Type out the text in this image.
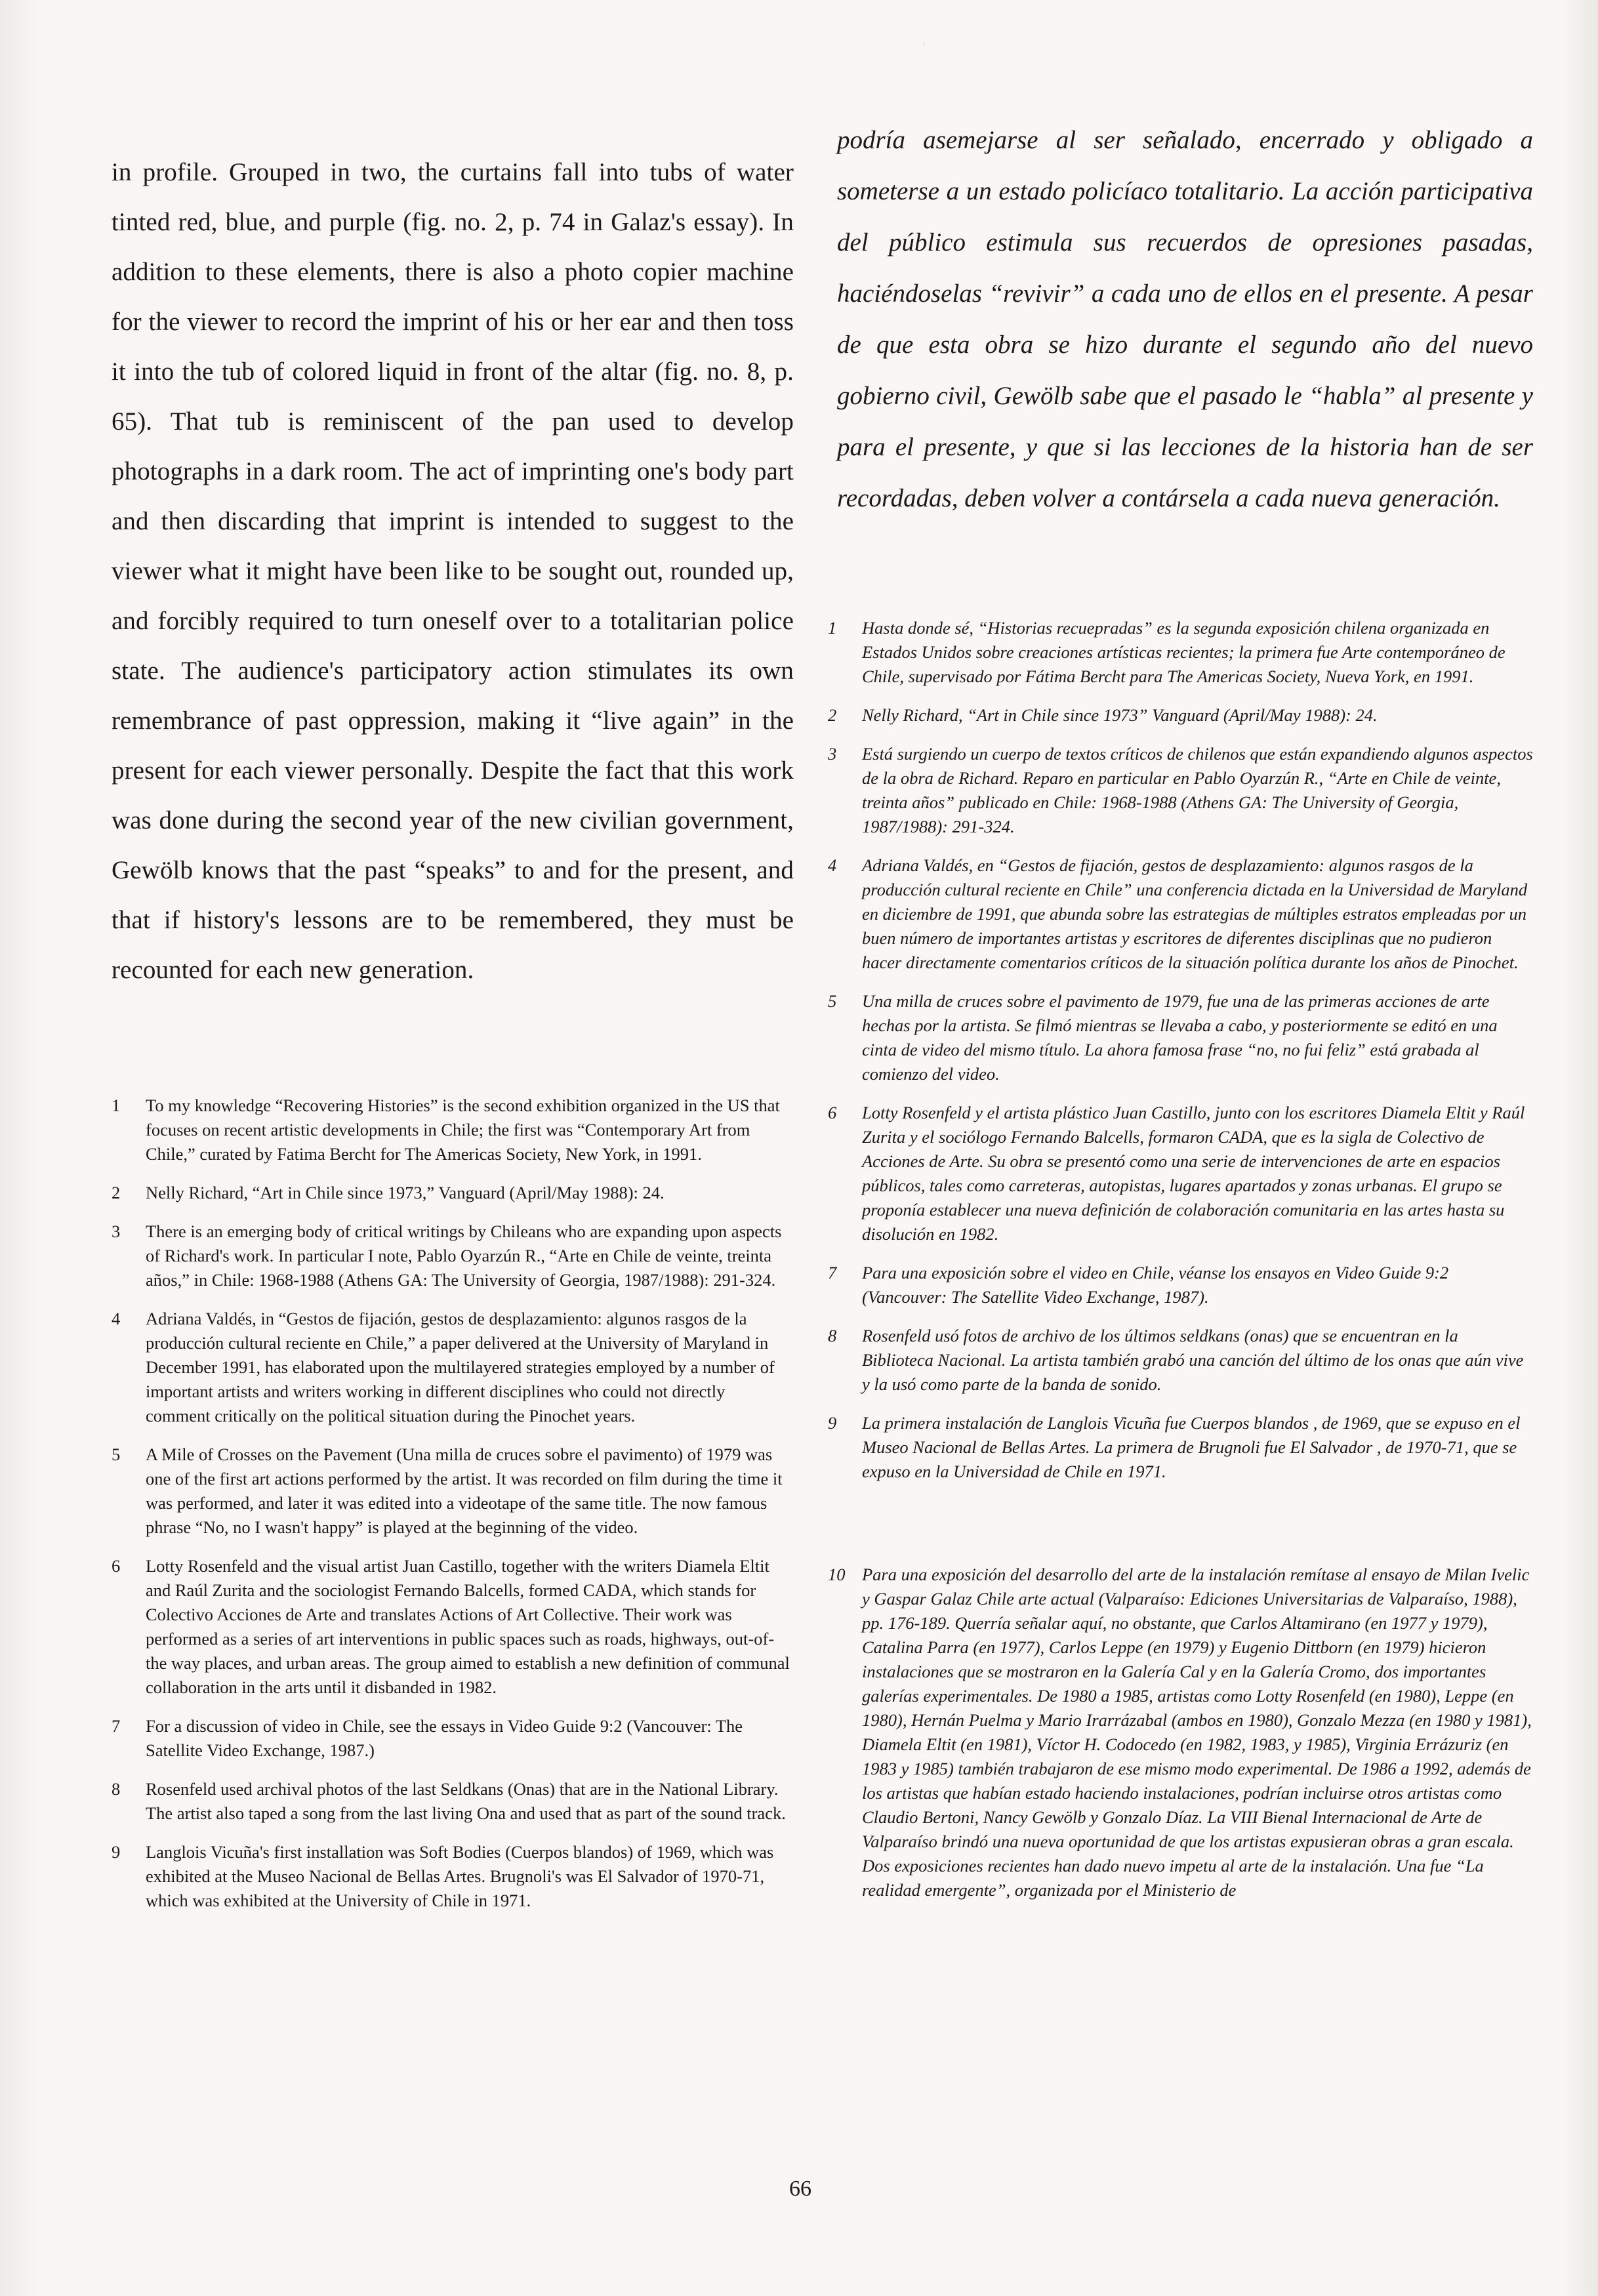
·

in profile. Grouped in two, the curtains fall into tubs of water tinted red, blue, and purple (fig. no. 2, p. 74 in Galaz's essay). In addition to these elements, there is also a photo copier machine for the viewer to record the imprint of his or her ear and then toss it into the tub of colored liquid in front of the altar (fig. no. 8, p. 65). That tub is reminiscent of the pan used to develop photographs in a dark room. The act of imprinting one's body part and then discarding that imprint is intended to suggest to the viewer what it might have been like to be sought out, rounded up, and forcibly required to turn oneself over to a totalitarian police state. The audience's participatory action stimulates its own remembrance of past oppression, making it “live again” in the present for each viewer personally. Despite the fact that this work was done during the second year of the new civilian government, Gewölb knows that the past “speaks” to and for the present, and that if history's lessons are to be remembered, they must be recounted for each new generation.

1	To my knowledge “Recovering Histories” is the second exhibition organized in the US that focuses on recent artistic developments in Chile; the first was “Contemporary Art from Chile,” curated by Fatima Bercht for The Americas Society, New York, in 1991.
2	Nelly Richard, “Art in Chile since 1973,” Vanguard (April/May 1988): 24.
3	There is an emerging body of critical writings by Chileans who are expanding upon aspects of Richard's work. In particular I note, Pablo Oyarzún R., “Arte en Chile de veinte, treinta años,” in Chile: 1968-1988 (Athens GA: The University of Georgia, 1987/1988): 291-324.
4	Adriana Valdés, in “Gestos de fijación, gestos de desplazamiento: algunos rasgos de la producción cultural reciente en Chile,” a paper delivered at the University of Maryland in December 1991, has elaborated upon the multilayered strategies employed by a number of important artists and writers working in different disciplines who could not directly comment critically on the political situation during the Pinochet years.
5	A Mile of Crosses on the Pavement (Una milla de cruces sobre el pavimento) of 1979 was one of the first art actions performed by the artist. It was recorded on film during the time it was performed, and later it was edited into a videotape of the same title. The now famous phrase “No, no I wasn't happy” is played at the beginning of the video.
6	Lotty Rosenfeld and the visual artist Juan Castillo, together with the writers Diamela Eltit and Raúl Zurita and the sociologist Fernando Balcells, formed CADA, which stands for Colectivo Acciones de Arte and translates Actions of Art Collective. Their work was performed as a series of art interventions in public spaces such as roads, highways, out-of-the way places, and urban areas. The group aimed to establish a new definition of communal collaboration in the arts until it disbanded in 1982.
7	For a discussion of video in Chile, see the essays in Video Guide 9:2 (Vancouver: The Satellite Video Exchange, 1987.)
8	Rosenfeld used archival photos of the last Seldkans (Onas) that are in the National Library. The artist also taped a song from the last living Ona and used that as part of the sound track.
9	Langlois Vicuña's first installation was Soft Bodies (Cuerpos blandos) of 1969, which was exhibited at the Museo Nacional de Bellas Artes. Brugnoli's was El Salvador of 1970-71, which was exhibited at the University of Chile in 1971.

podría asemejarse al ser señalado, encerrado y obligado a someterse a un estado policíaco totalitario. La acción participativa del público estimula sus recuerdos de opresiones pasadas, haciéndoselas “revivir” a cada uno de ellos en el presente. A pesar de que esta obra se hizo durante el segundo año del nuevo gobierno civil, Gewölb sabe que el pasado le “habla” al presente y para el presente, y que si las lecciones de la historia han de ser recordadas, deben volver a contársela a cada nueva generación.

1	Hasta donde sé, “Historias recuepradas” es la segunda exposición chilena organizada en Estados Unidos sobre creaciones artísticas recientes; la primera fue Arte contemporáneo de Chile, supervisado por Fátima Bercht para The Americas Society, Nueva York, en 1991.
2	Nelly Richard, “Art in Chile since 1973” Vanguard (April/May 1988): 24.
3	Está surgiendo un cuerpo de textos críticos de chilenos que están expandiendo algunos aspectos de la obra de Richard. Reparo en particular en Pablo Oyarzún R., “Arte en Chile de veinte, treinta años” publicado en Chile: 1968-1988 (Athens GA: The University of Georgia, 1987/1988): 291-324.
4	Adriana Valdés, en “Gestos de fijación, gestos de desplazamiento: algunos rasgos de la producción cultural reciente en Chile” una conferencia dictada en la Universidad de Maryland en diciembre de 1991, que abunda sobre las estrategias de múltiples estratos empleadas por un buen número de importantes artistas y escritores de diferentes disciplinas que no pudieron hacer directamente comentarios críticos de la situación política durante los años de Pinochet.
5	Una milla de cruces sobre el pavimento de 1979, fue una de las primeras acciones de arte hechas por la artista. Se filmó mientras se llevaba a cabo, y posteriormente se editó en una cinta de video del mismo título. La ahora famosa frase “no, no fui feliz” está grabada al comienzo del video.
6	Lotty Rosenfeld y el artista plástico Juan Castillo, junto con los escritores Diamela Eltit y Raúl Zurita y el sociólogo Fernando Balcells, formaron CADA, que es la sigla de Colectivo de Acciones de Arte. Su obra se presentó como una serie de intervenciones de arte en espacios públicos, tales como carreteras, autopistas, lugares apartados y zonas urbanas. El grupo se proponía establecer una nueva definición de colaboración comunitaria en las artes hasta su disolución en 1982.
7	Para una exposición sobre el video en Chile, véanse los ensayos en Video Guide 9:2 (Vancouver: The Satellite Video Exchange, 1987).
8	Rosenfeld usó fotos de archivo de los últimos seldkans (onas) que se encuentran en la Biblioteca Nacional. La artista también grabó una canción del último de los onas que aún vive y la usó como parte de la banda de sonido.
9	La primera instalación de Langlois Vicuña fue Cuerpos blandos , de 1969, que se expuso en el Museo Nacional de Bellas Artes. La primera de Brugnoli fue El Salvador , de 1970-71, que se expuso en la Universidad de Chile en 1971.
10 Para una exposición del desarrollo del arte de la instalación remítase al ensayo de Milan Ivelic y Gaspar Galaz Chile arte actual (Valparaíso: Ediciones Universitarias de Valparaíso, 1988), pp. 176-189. Querría señalar aquí, no obstante, que Carlos Altamirano (en 1977 y 1979), Catalina Parra (en 1977), Carlos Leppe (en 1979) y Eugenio Dittborn (en 1979) hicieron instalaciones que se mostraron en la Galería Cal y en la Galería Cromo, dos importantes galerías experimentales. De 1980 a 1985, artistas como Lotty Rosenfeld (en 1980), Leppe (en 1980), Hernán Puelma y Mario Irarrázabal (ambos en 1980), Gonzalo Mezza (en 1980 y 1981), Diamela Eltit (en 1981), Víctor H. Codocedo (en 1982, 1983, y 1985), Virginia Errázuriz (en 1983 y 1985) también trabajaron de ese mismo modo experimental. De 1986 a 1992, además de los artistas que habían estado haciendo instalaciones, podrían incluirse otros artistas como Claudio Bertoni, Nancy Gewölb y Gonzalo Díaz. La VIII Bienal Internacional de Arte de Valparaíso brindó una nueva oportunidad de que los artistas expusieran obras a gran escala. Dos exposiciones recientes han dado nuevo impetu al arte de la instalación. Una fue “La realidad emergente”, organizada por el Ministerio de
66
